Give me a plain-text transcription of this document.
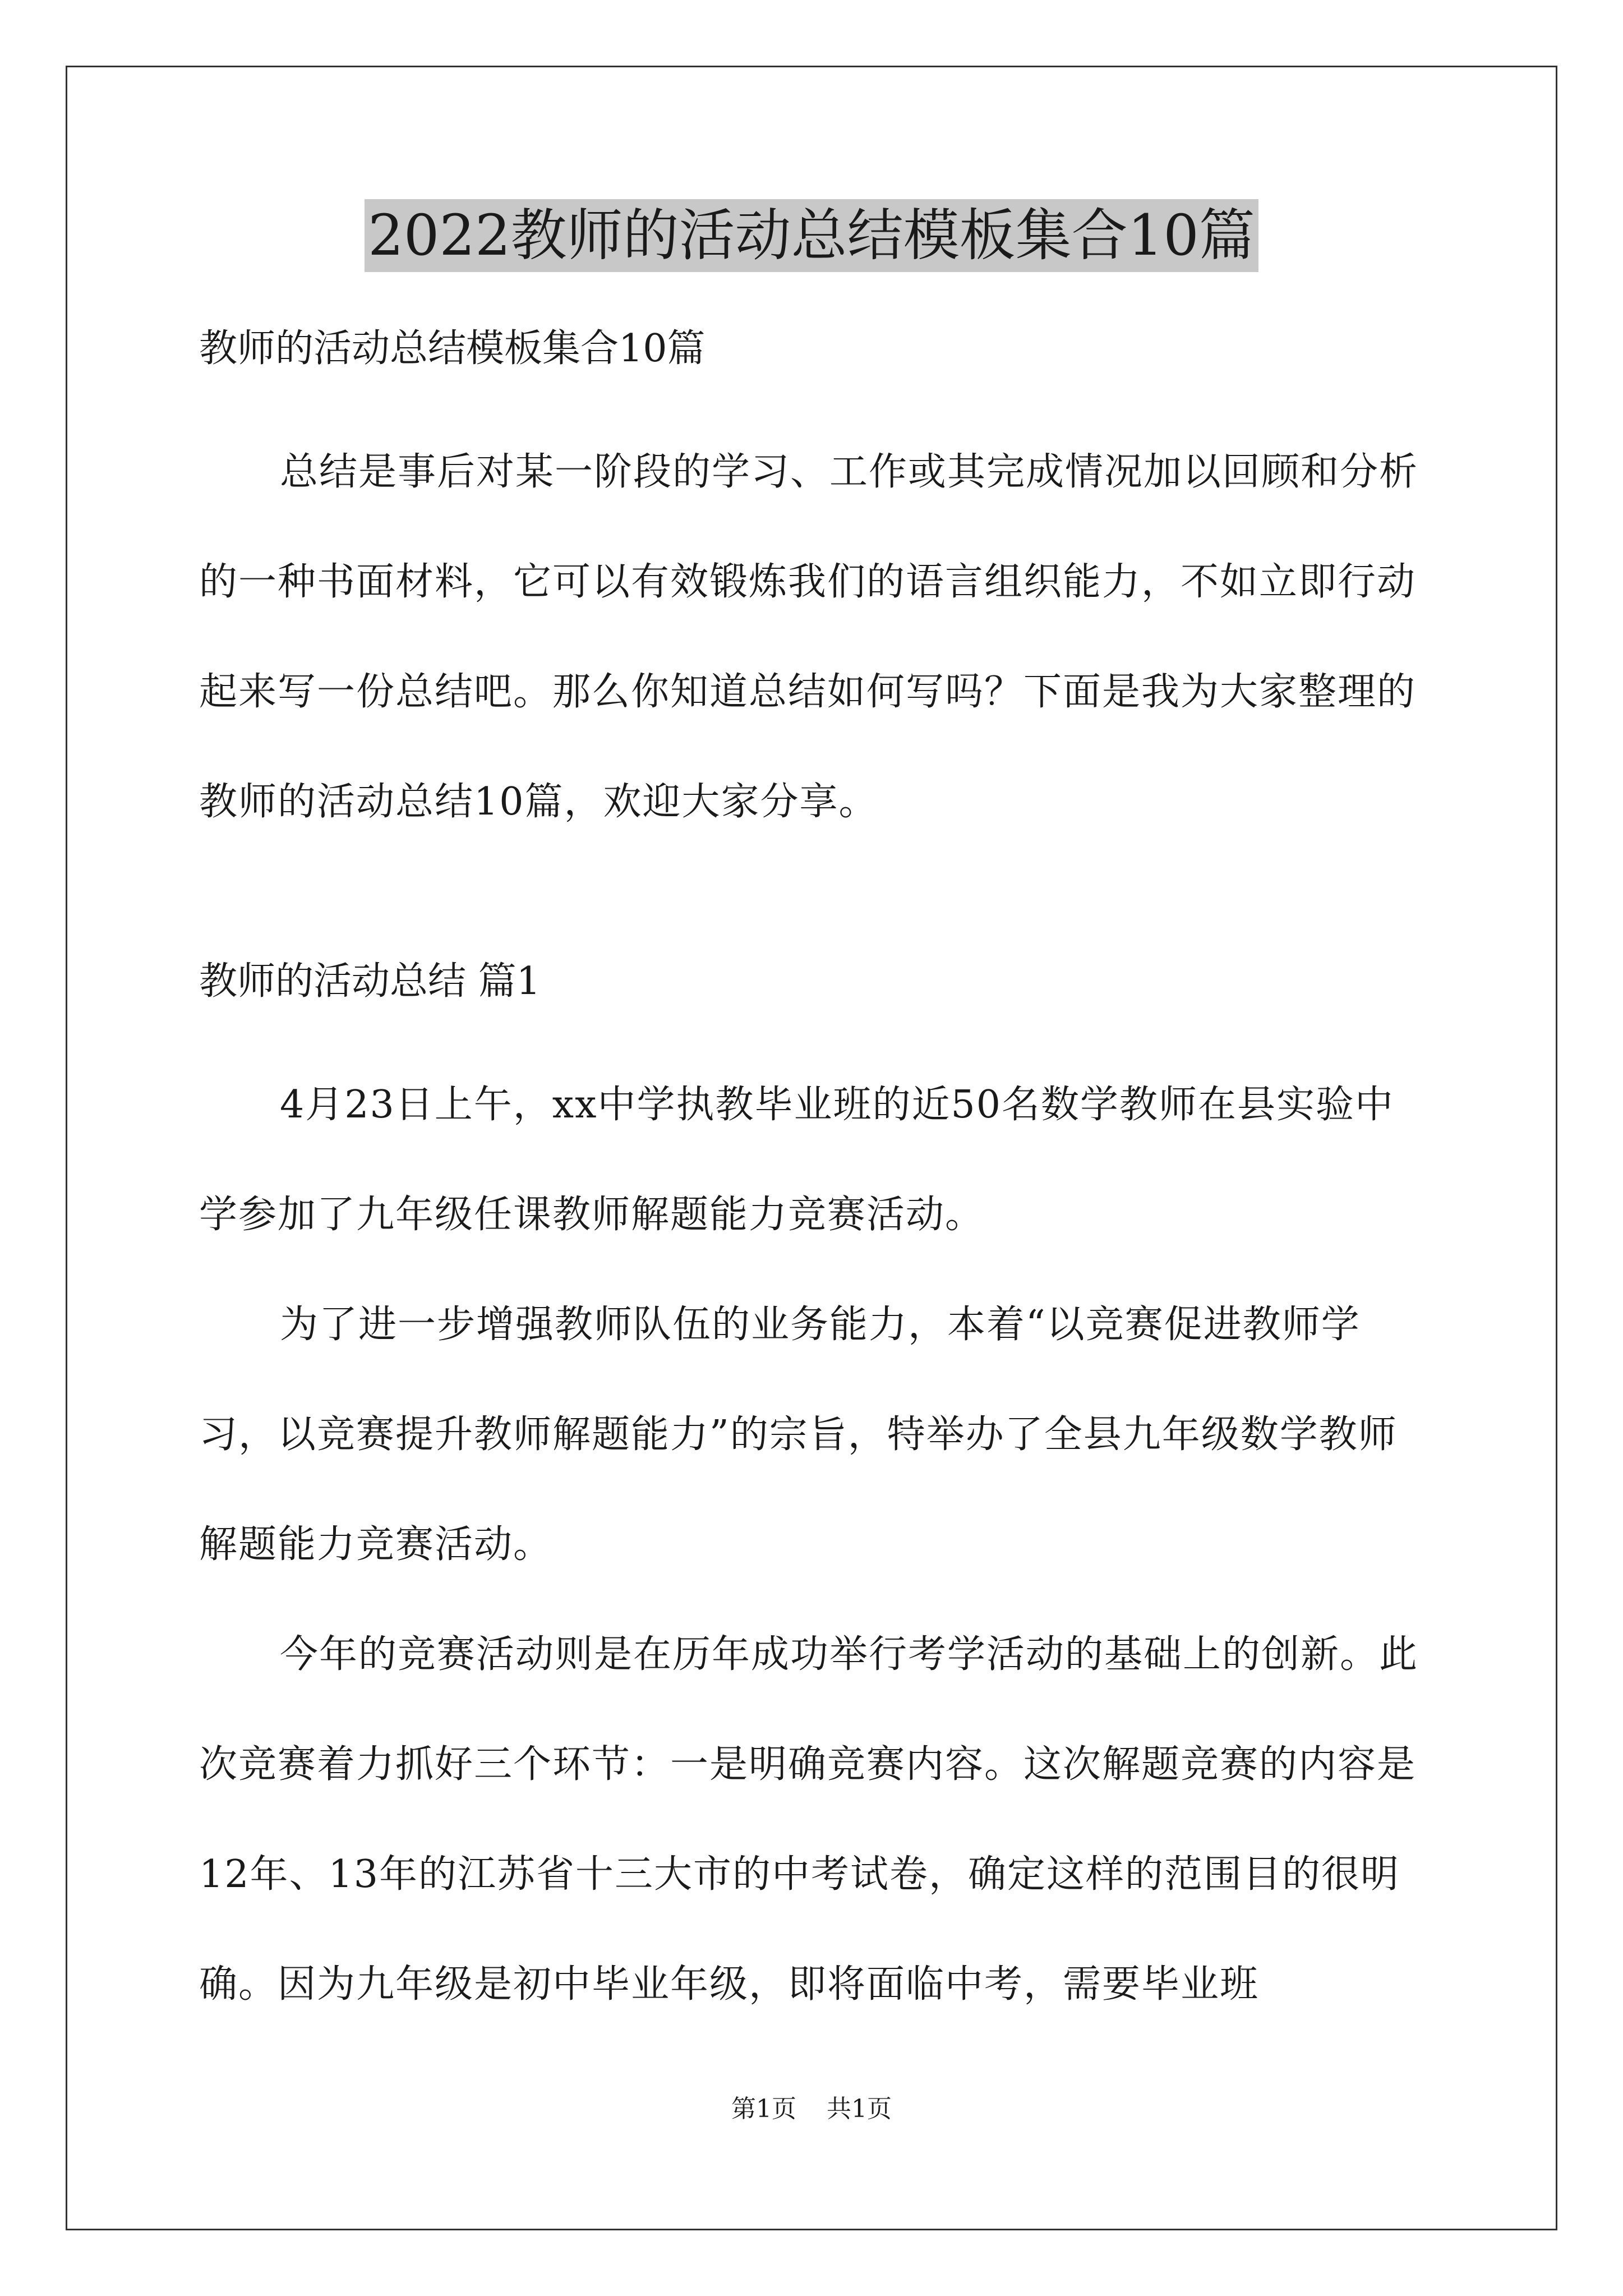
2022教师的活动总结模板集合10篇

教师的活动总结模板集合10篇

总结是事后对某一阶段的学习、工作或其完成情况加以回顾和分析的一种书面材料，它可以有效锻炼我们的语言组织能力，不如立即行动起来写一份总结吧。那么你知道总结如何写吗？下面是我为大家整理的教师的活动总结10篇，欢迎大家分享。

教师的活动总结 篇1

4月23日上午，xx中学执教毕业班的近50名数学教师在县实验中学参加了九年级任课教师解题能力竞赛活动。

为了进一步增强教师队伍的业务能力，本着“以竞赛促进教师学习，以竞赛提升教师解题能力”的宗旨，特举办了全县九年级数学教师解题能力竞赛活动。

今年的竞赛活动则是在历年成功举行考学活动的基础上的创新。此次竞赛着力抓好三个环节：一是明确竞赛内容。这次解题竞赛的内容是12年、13年的江苏省十三大市的中考试卷，确定这样的范围目的很明确。因为九年级是初中毕业年级，即将面临中考，需要毕业班

第1页 共1页
